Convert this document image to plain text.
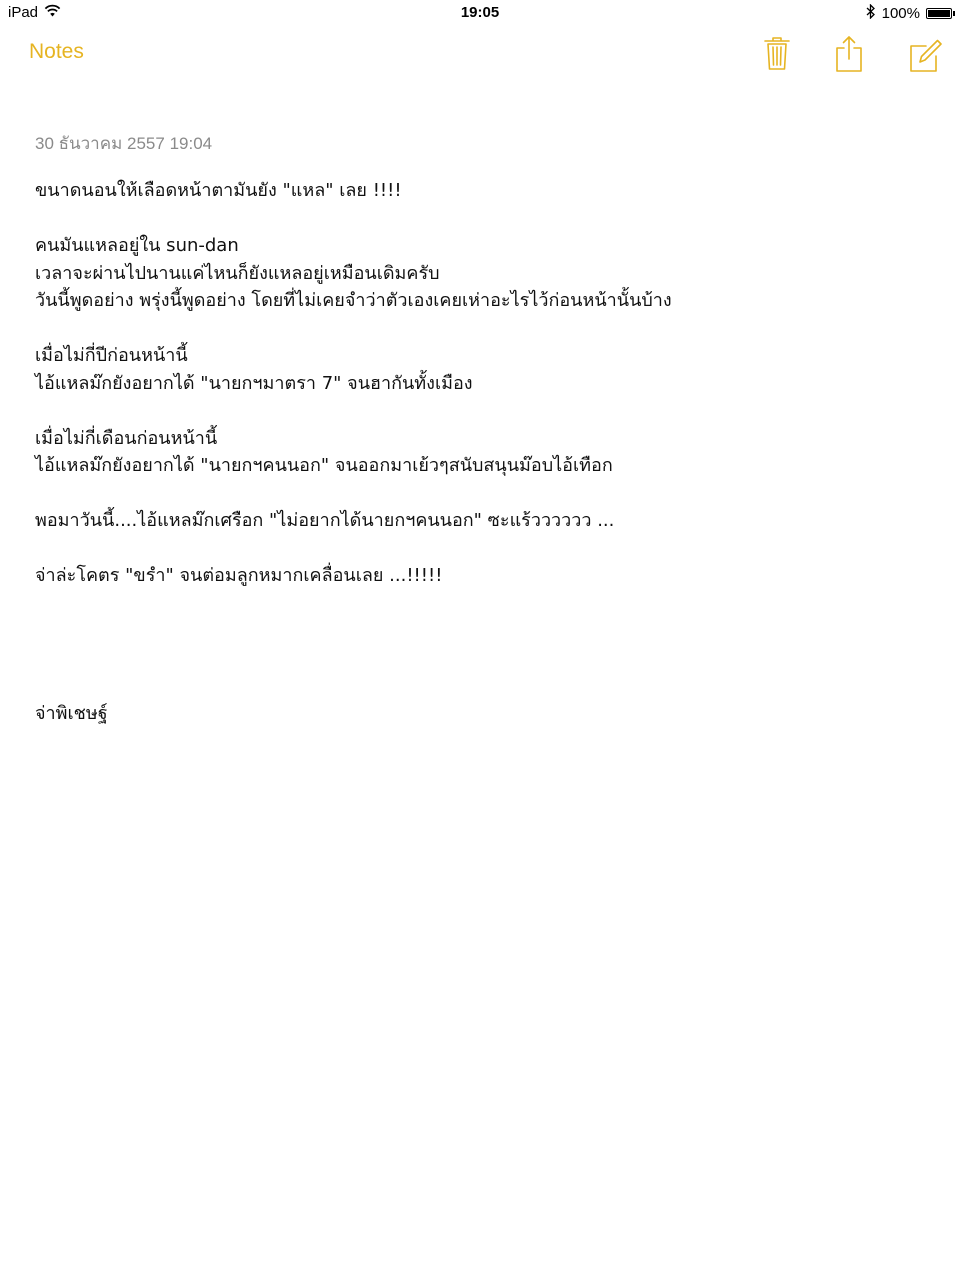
iPad	19:05	100%
Notes
30 ธันวาคม 2557 19:04

ขนาดนอนให้เลือดหน้าตามันยัง "แหล" เลย !!!!

คนมันแหลอยู่ใน sun-dan

เวลาจะผ่านไปนานแค่ไหนก็ยังแหลอยู่เหมือนเดิมครับ

วันนี้พูดอย่าง พรุ่งนี้พูดอย่าง โดยที่ไม่เคยจำว่าตัวเองเคยเห่าอะไรไว้ก่อนหน้านั้นบ้าง

เมื่อไม่กี่ปีก่อนหน้านี้

ไอ้แหลม๊กยังอยากได้ "นายกฯมาตรา 7" จนฮากันทั้งเมือง

เมื่อไม่กี่เดือนก่อนหน้านี้

ไอ้แหลม๊กยังอยากได้ "นายกฯคนนอก" จนออกมาเย้วๆสนับสนุนม๊อบไอ้เทือก

พอมาวันนี้....ไอ้แหลม๊กเศรือก "ไม่อยากได้นายกฯคนนอก" ซะแร้วววววว ...

จ่าล่ะโคตร "ขรำ" จนต่อมลูกหมากเคลื่อนเลย ...!!!!!

จ่าพิเชษฐ์
